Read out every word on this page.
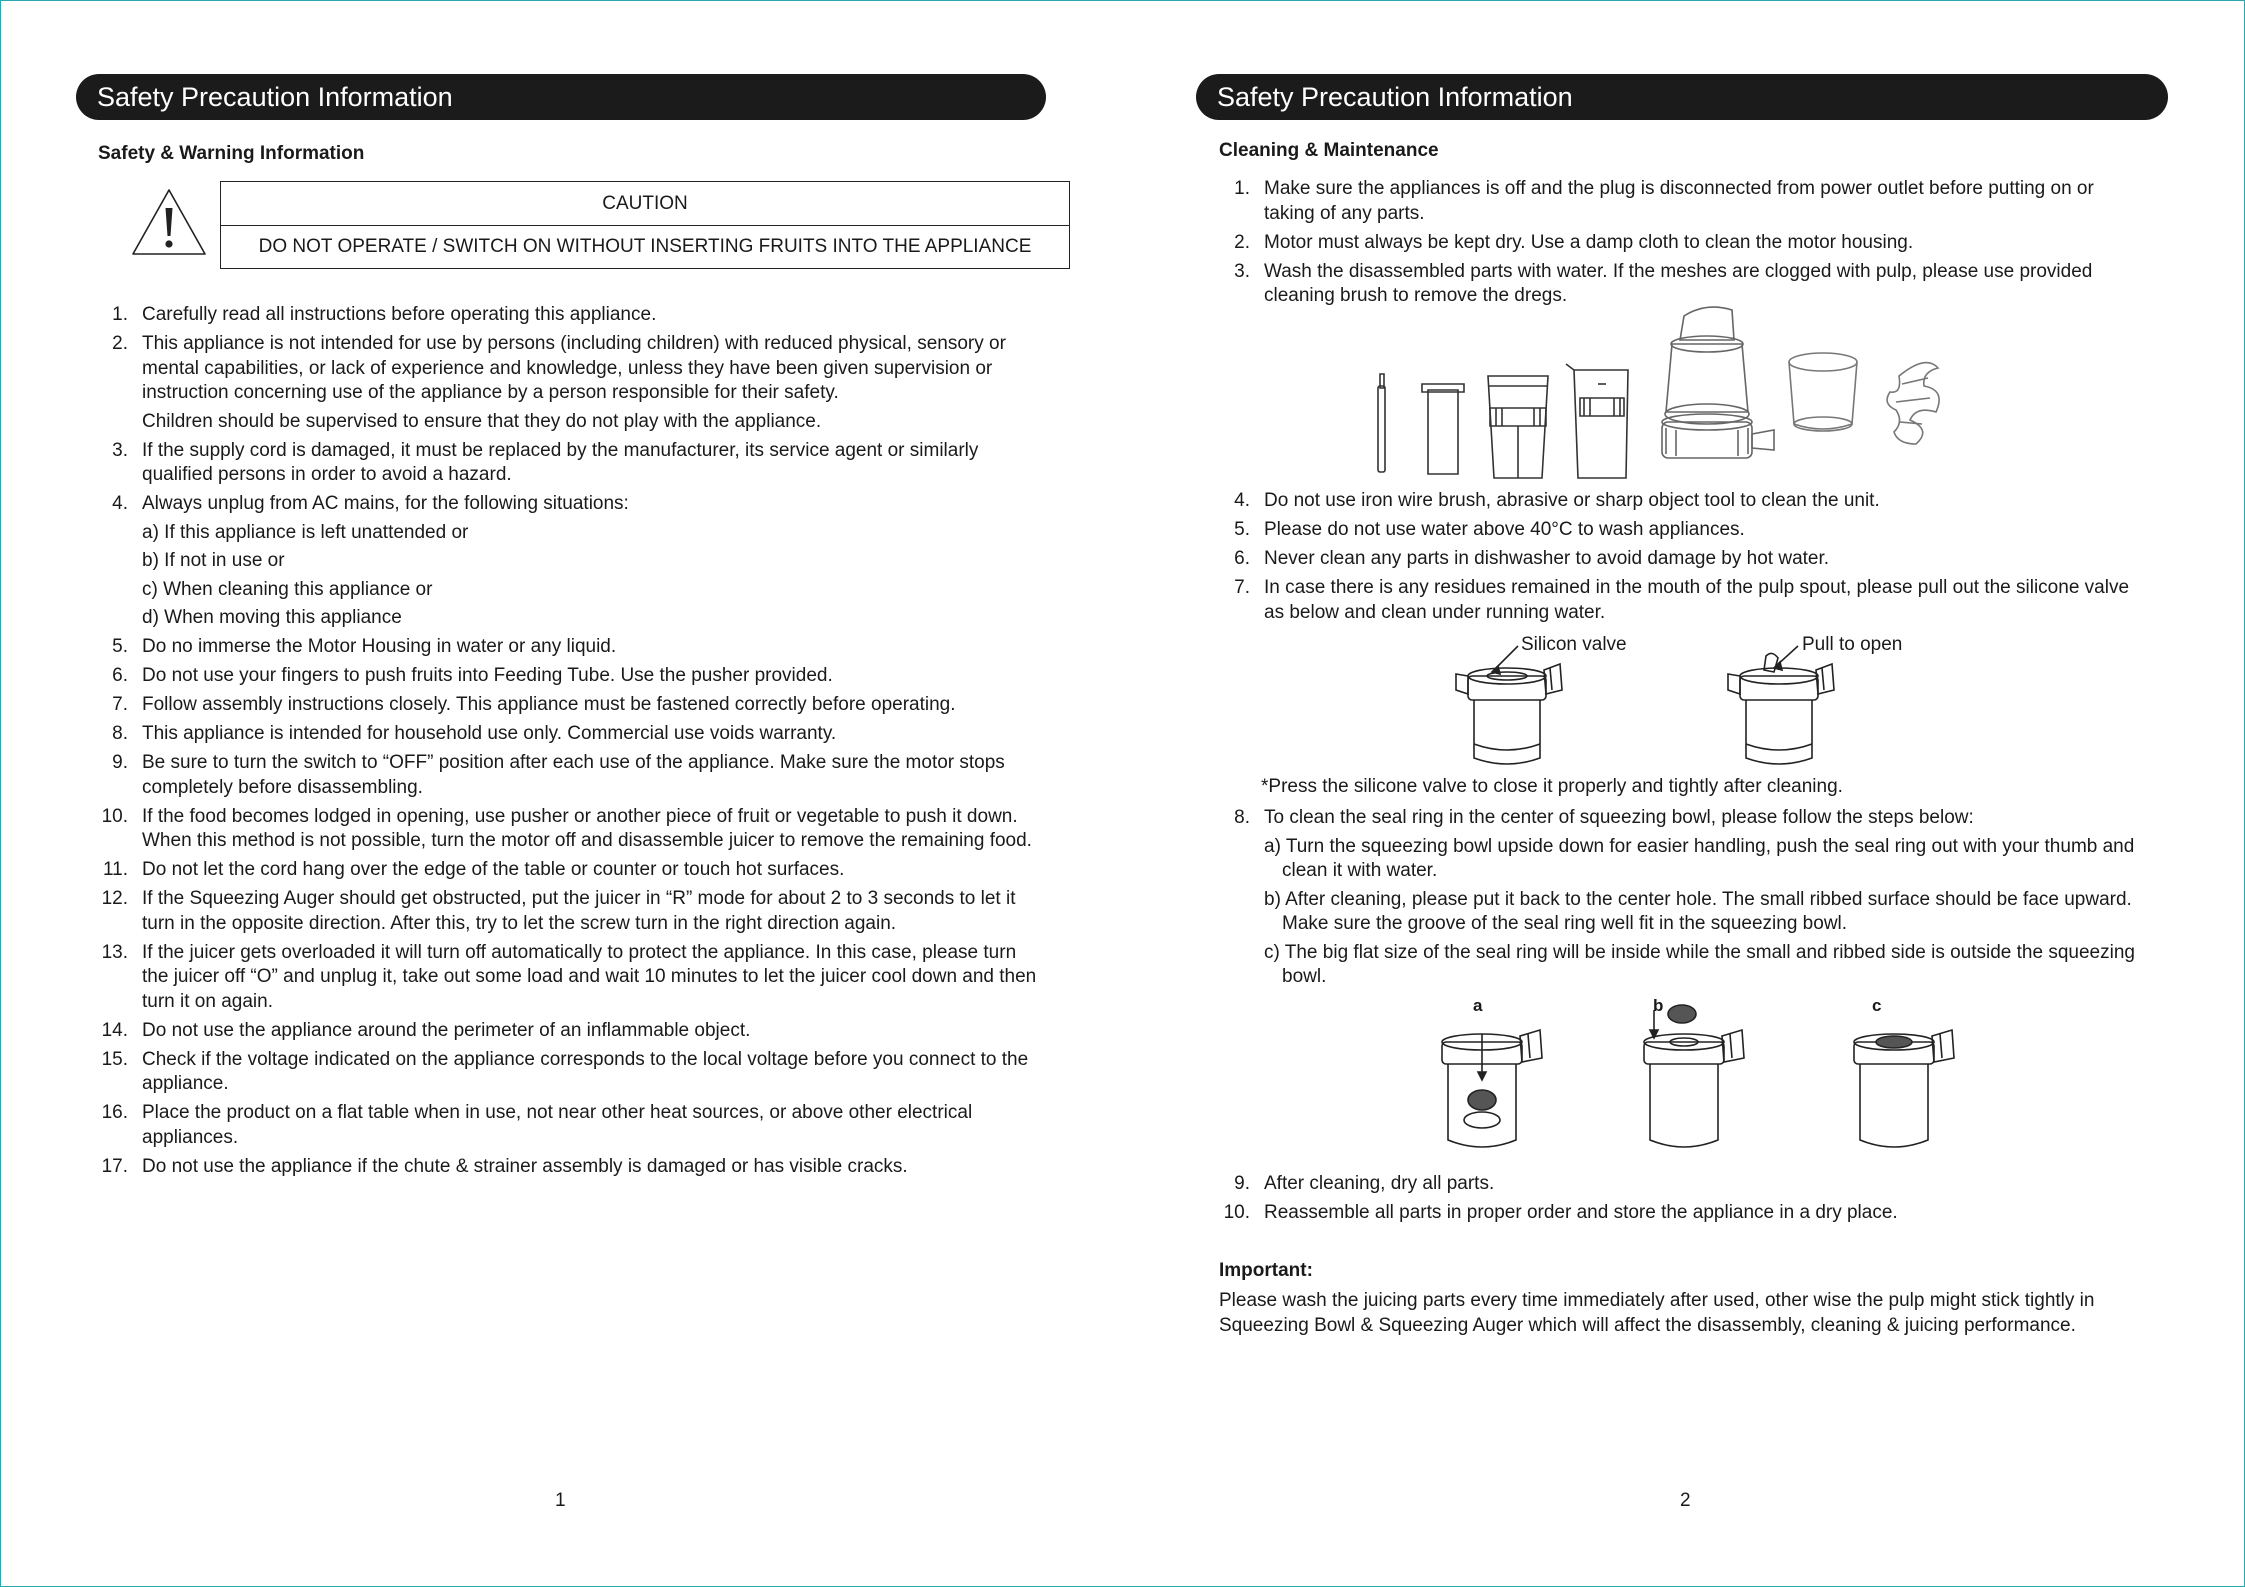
Safety Precaution Information
Safety & Warning Information
CAUTION
DO NOT OPERATE / SWITCH ON WITHOUT INSERTING FRUITS INTO THE APPLIANCE
1. Carefully read all instructions before operating this appliance.
2. This appliance is not intended for use by persons (including children) with reduced physical, sensory or mental capabilities, or lack of experience and knowledge, unless they have been given supervision or instruction concerning use of the appliance by a person responsible for their safety.
Children should be supervised to ensure that they do not play with the appliance.
3. If the supply cord is damaged, it must be replaced by the manufacturer, its service agent or similarly qualified persons in order to avoid a hazard.
4. Always unplug from AC mains, for the following situations:
a) If this appliance is left unattended or
b) If not in use or
c) When cleaning this appliance or
d) When moving this appliance
5. Do no immerse the Motor Housing in water or any liquid.
6. Do not use your fingers to push fruits into Feeding Tube. Use the pusher provided.
7. Follow assembly instructions closely. This appliance must be fastened correctly before operating.
8. This appliance is intended for household use only. Commercial use voids warranty.
9. Be sure to turn the switch to “OFF” position after each use of the appliance. Make sure the motor stops completely before disassembling.
10. If the food becomes lodged in opening, use pusher or another piece of fruit or vegetable to push it down. When this method is not possible, turn the motor off and disassemble juicer to remove the remaining food.
11. Do not let the cord hang over the edge of the table or counter or touch hot surfaces.
12. If the Squeezing Auger should get obstructed, put the juicer in “R” mode for about 2 to 3 seconds to let it turn in the opposite direction. After this, try to let the screw turn in the right direction again.
13. If the juicer gets overloaded it will turn off automatically to protect the appliance. In this case, please turn the juicer off “O” and unplug it, take out some load and wait 10 minutes to let the juicer cool down and then turn it on again.
14. Do not use the appliance around the perimeter of an inflammable object.
15. Check if the voltage indicated on the appliance corresponds to the local voltage before you connect to the appliance.
16. Place the product on a flat table when in use, not near other heat sources, or above other electrical appliances.
17. Do not use the appliance if the chute & strainer assembly is damaged or has visible cracks.
1
Safety Precaution Information
Cleaning & Maintenance
1. Make sure the appliances is off and the plug is disconnected from power outlet before putting on or taking of any parts.
2. Motor must always be kept dry. Use a damp cloth to clean the motor housing.
3. Wash the disassembled parts with water. If the meshes are clogged with pulp, please use provided cleaning brush to remove the dregs.
4. Do not use iron wire brush, abrasive or sharp object tool to clean the unit.
5. Please do not use water above 40°C to wash appliances.
6. Never clean any parts in dishwasher to avoid damage by hot water.
7. In case there is any residues remained in the mouth of the pulp spout, please pull out the silicone valve as below and clean under running water.
Silicon valve	Pull to open
*Press the silicone valve to close it properly and tightly after cleaning.
8. To clean the seal ring in the center of squeezing bowl, please follow the steps below:
a) Turn the squeezing bowl upside down for easier handling, push the seal ring out with your thumb and clean it with water.
b) After cleaning, please put it back to the center hole. The small ribbed surface should be face upward. Make sure the groove of the seal ring well fit in the squeezing bowl.
c) The big flat size of the seal ring will be inside while the small and ribbed side is outside the squeezing bowl.
a	b	c
9. After cleaning, dry all parts.
10. Reassemble all parts in proper order and store the appliance in a dry place.
Important:
Please wash the juicing parts every time immediately after used, other wise the pulp might stick tightly in Squeezing Bowl & Squeezing Auger which will affect the disassembly, cleaning & juicing performance.
2
